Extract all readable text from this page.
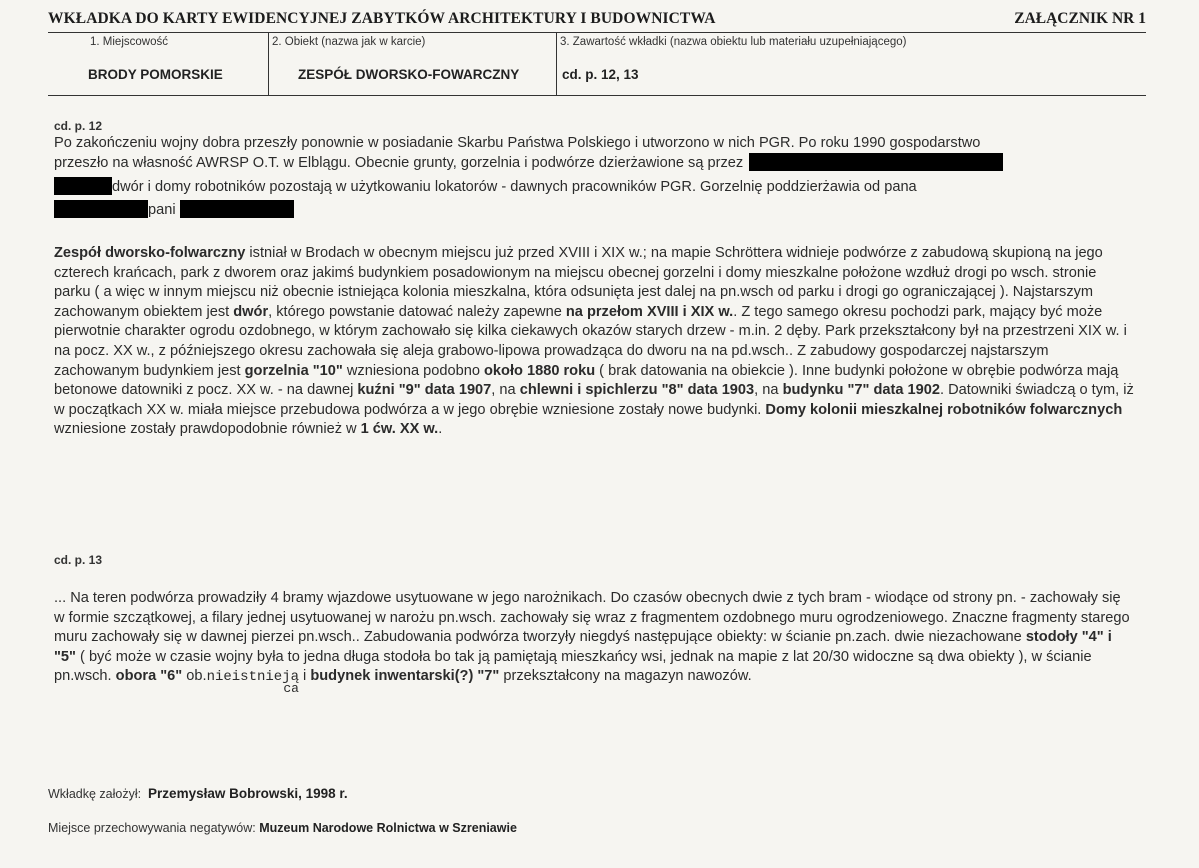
WKŁADKA DO KARTY EWIDENCYJNEJ ZABYTKÓW ARCHITEKTURY I BUDOWNICTWA	ZAŁĄCZNIK NR 1
1. Miejscowość	2. Obiekt (nazwa jak w karcie)	3. Zawartość wkładki (nazwa obiektu lub materiału uzupełniającego)
BRODY POMORSKIE	ZESPÓŁ DWORSKO-FOWARCZNY	cd. p. 12, 13
cd. p. 12
Po zakończeniu wojny dobra przeszły ponownie w posiadanie Skarbu Państwa Polskiego i utworzono w nich PGR. Po roku 1990 gospodarstwo
przeszło na własność AWRSP O.T. w Elblągu. Obecnie grunty, gorzelnia i podwórze dzierżawione są przez
dwór i domy robotników pozostają w użytkowaniu lokatorów - dawnych pracowników PGR. Gorzelnię poddzierżawia od pana
pani
Zespół dworsko-folwarczny istniał w Brodach w obecnym miejscu już przed XVIII i XIX w.; na mapie Schröttera widnieje podwórze z zabudową skupioną na jego czterech krańcach, park z dworem oraz jakimś budynkiem posadowionym na miejscu obecnej gorzelni i domy mieszkalne położone wzdłuż drogi po wsch. stronie parku ( a więc w innym miejscu niż obecnie istniejąca kolonia mieszkalna, która odsunięta jest dalej na pn.wsch od parku i drogi go ograniczającej ). Najstarszym zachowanym obiektem jest dwór, którego powstanie datować należy zapewne na przełom XVIII i XIX w.. Z tego samego okresu pochodzi park, mający być może pierwotnie charakter ogrodu ozdobnego, w którym zachowało się kilka ciekawych okazów starych drzew - m.in. 2 dęby. Park przekształcony był na przestrzeni XIX w. i na pocz. XX w., z późniejszego okresu zachowała się aleja grabowo-lipowa prowadząca do dworu na na pd.wsch.. Z zabudowy gospodarczej najstarszym zachowanym budynkiem jest gorzelnia "10" wzniesiona podobno około 1880 roku ( brak datowania na obiekcie ). Inne budynki położone w obrębie podwórza mają betonowe datowniki z pocz. XX w. - na dawnej kuźni "9" data 1907, na chlewni i spichlerzu "8" data 1903, na budynku "7" data 1902. Datowniki świadczą o tym, iż w początkach XX w. miała miejsce przebudowa podwórza a w jego obrębie wzniesione zostały nowe budynki. Domy kolonii mieszkalnej robotników folwarcznych wzniesione zostały prawdopodobnie również w 1 ćw. XX w..
cd. p. 13
... Na teren podwórza prowadziły 4 bramy wjazdowe usytuowane w jego narożnikach. Do czasów obecnych dwie z tych bram - wiodące od strony pn. - zachowały się w formie szczątkowej, a filary jednej usytuowanej w narożu pn.wsch. zachowały się wraz z fragmentem ozdobnego muru ogrodzeniowego. Znaczne fragmenty starego muru zachowały się w dawnej pierzei pn.wsch.. Zabudowania podwórza tworzyły niegdyś następujące obiekty: w ścianie pn.zach. dwie niezachowane stodoły "4" i "5" ( być może w czasie wojny była to jedna długa stodoła bo tak ją pamiętają mieszkańcy wsi, jednak na mapie z lat 20/30 widoczne są dwa obiekty ), w ścianie pn.wsch. obora "6" ob.nieistnieją
ca
i budynek inwentarski(?) "7" przekształcony na magazyn nawozów.
Wkładkę założył: Przemysław Bobrowski, 1998 r.
Miejsce przechowywania negatywów: Muzeum Narodowe Rolnictwa w Szreniawie
